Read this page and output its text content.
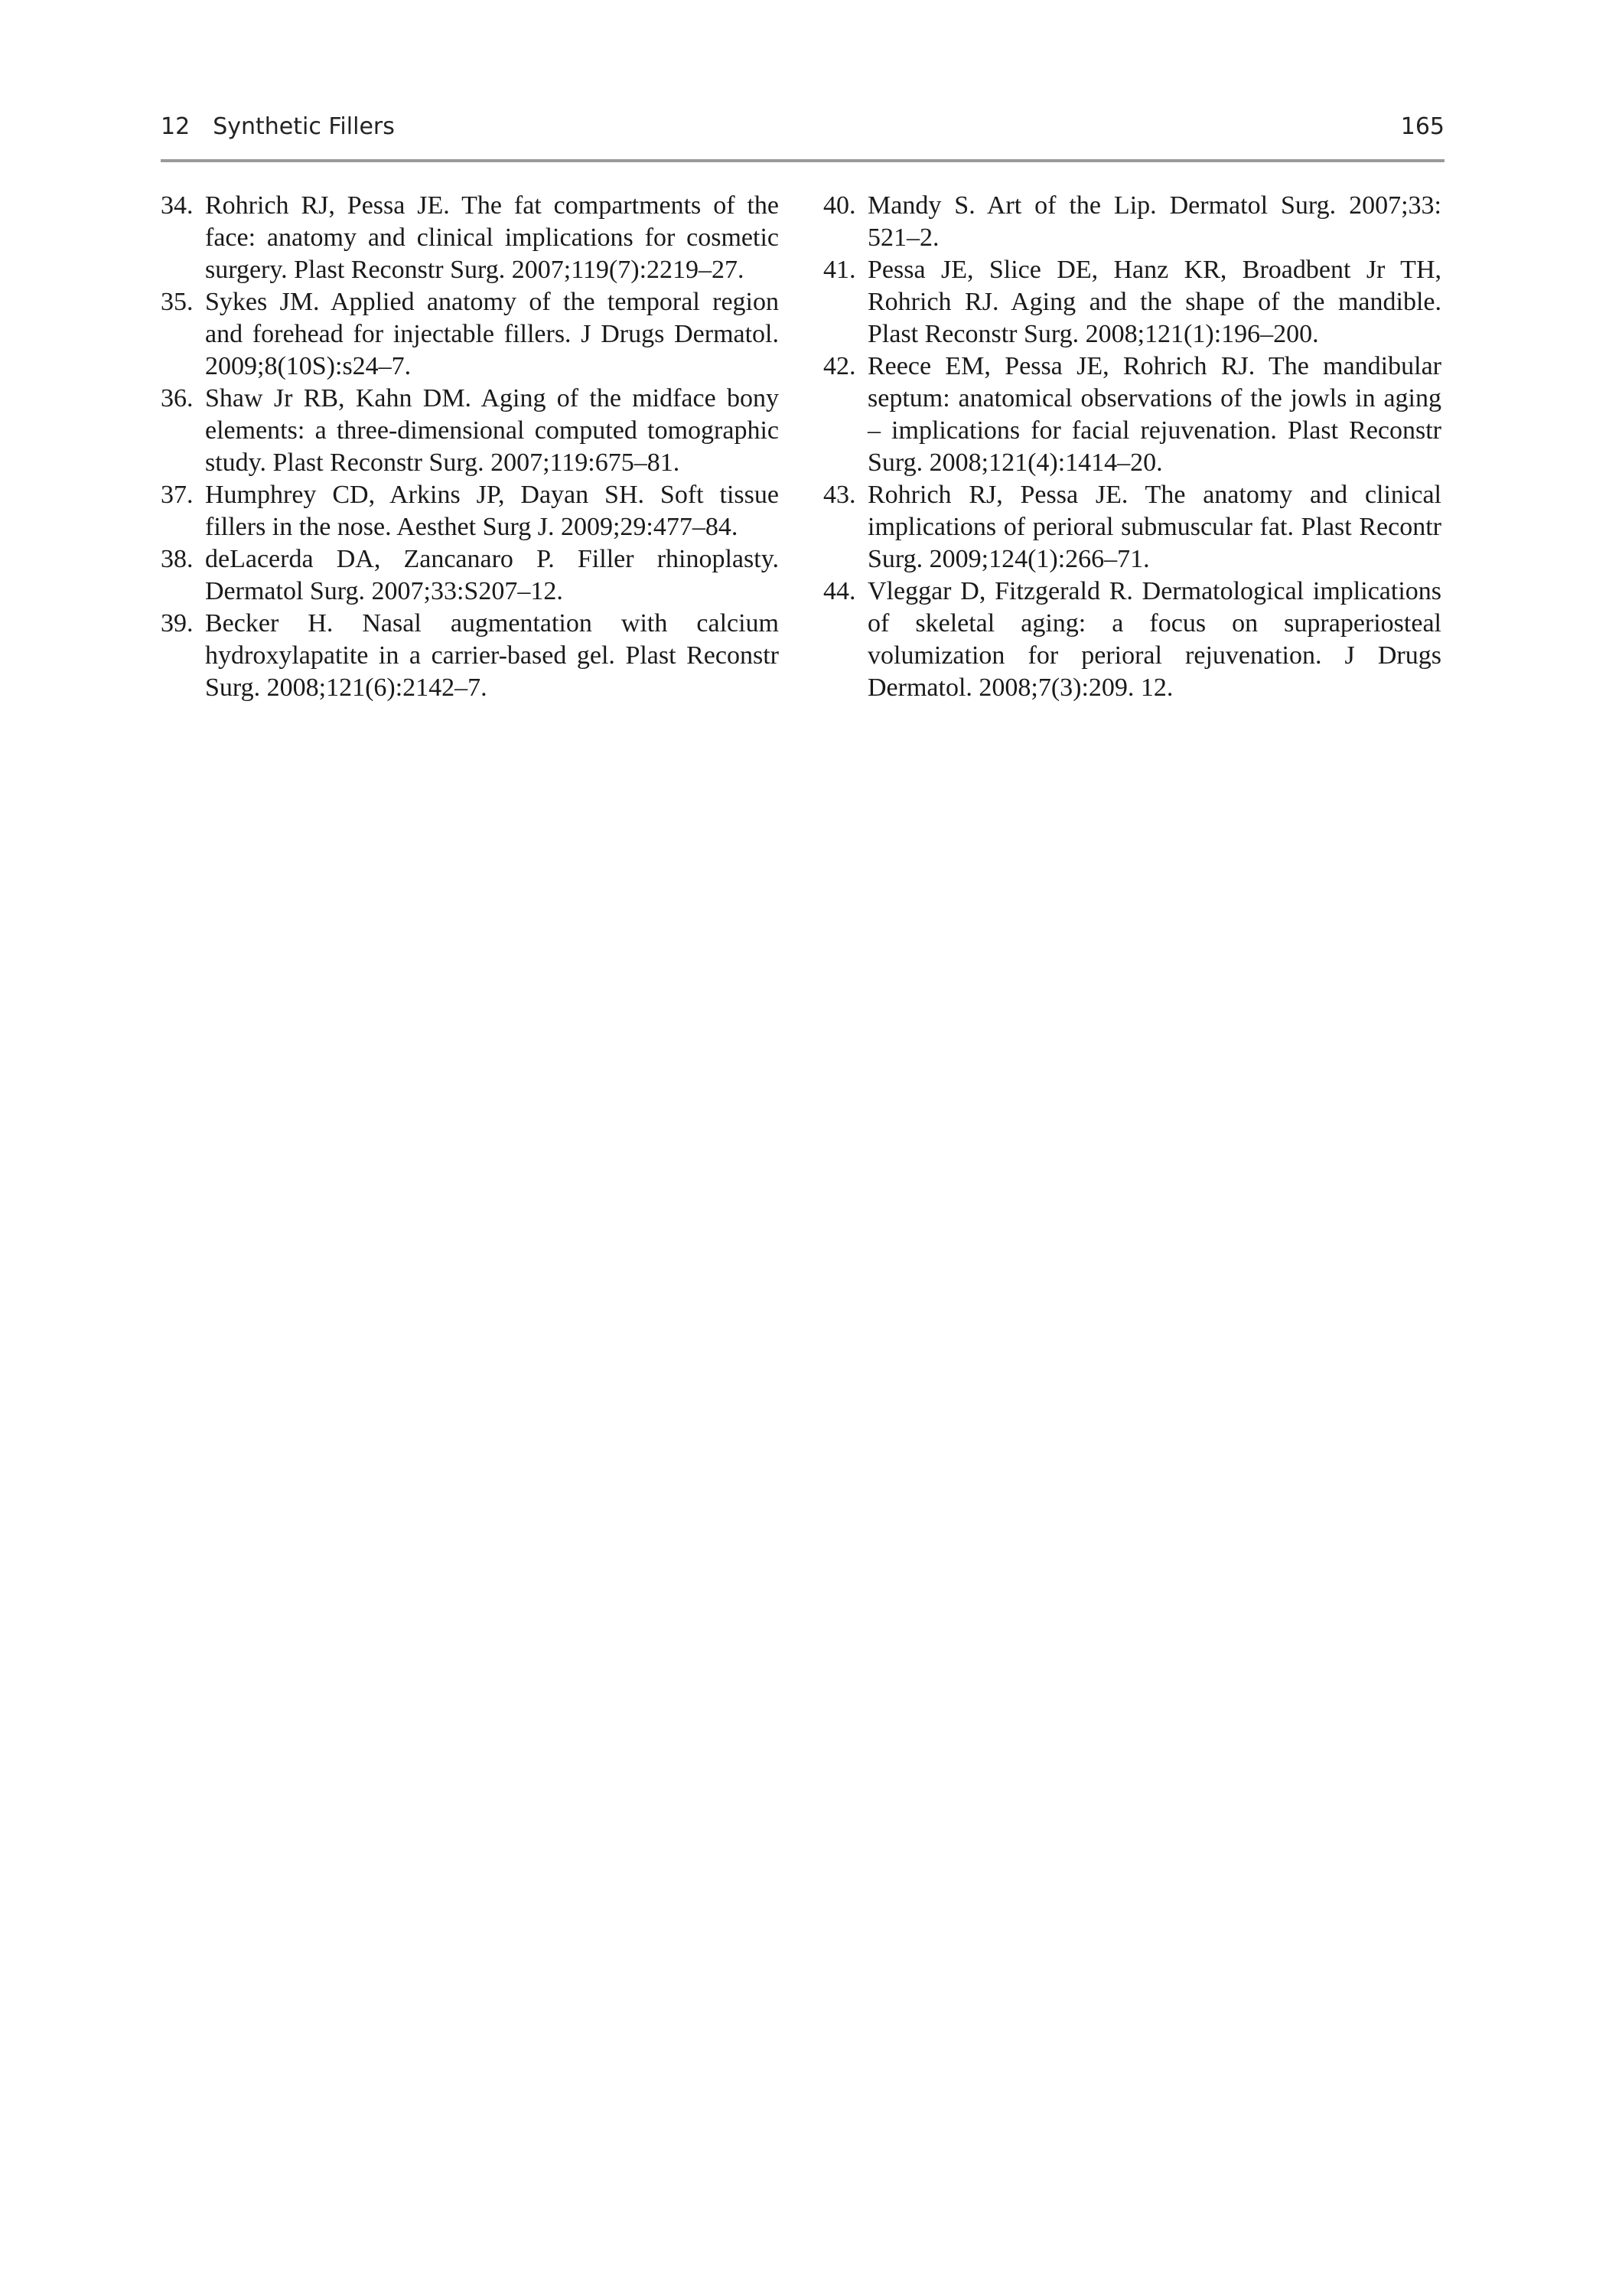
12 Synthetic Fillers	165
34. Rohrich RJ, Pessa JE. The fat compartments of the face: anatomy and clinical implications for cosmetic surgery. Plast Reconstr Surg. 2007;119(7):2219–27.
35. Sykes JM. Applied anatomy of the temporal region and forehead for injectable fillers. J Drugs Dermatol. 2009;8(10S):s24–7.
36. Shaw Jr RB, Kahn DM. Aging of the midface bony elements: a three-dimensional computed tomographic study. Plast Reconstr Surg. 2007;119:675–81.
37. Humphrey CD, Arkins JP, Dayan SH. Soft tissue fillers in the nose. Aesthet Surg J. 2009;29:477–84.
38. deLacerda DA, Zancanaro P. Filler rhinoplasty. Dermatol Surg. 2007;33:S207–12.
39. Becker H. Nasal augmentation with calcium hydroxylapatite in a carrier-based gel. Plast Reconstr Surg. 2008;121(6):2142–7.
40. Mandy S. Art of the Lip. Dermatol Surg. 2007;33: 521–2.
41. Pessa JE, Slice DE, Hanz KR, Broadbent Jr TH, Rohrich RJ. Aging and the shape of the mandible. Plast Reconstr Surg. 2008;121(1):196–200.
42. Reece EM, Pessa JE, Rohrich RJ. The mandibular septum: anatomical observations of the jowls in aging – implications for facial rejuvenation. Plast Reconstr Surg. 2008;121(4):1414–20.
43. Rohrich RJ, Pessa JE. The anatomy and clinical implications of perioral submuscular fat. Plast Recontr Surg. 2009;124(1):266–71.
44. Vleggar D, Fitzgerald R. Dermatological implications of skeletal aging: a focus on supraperiosteal volumization for perioral rejuvenation. J Drugs Dermatol. 2008;7(3):209. 12.
